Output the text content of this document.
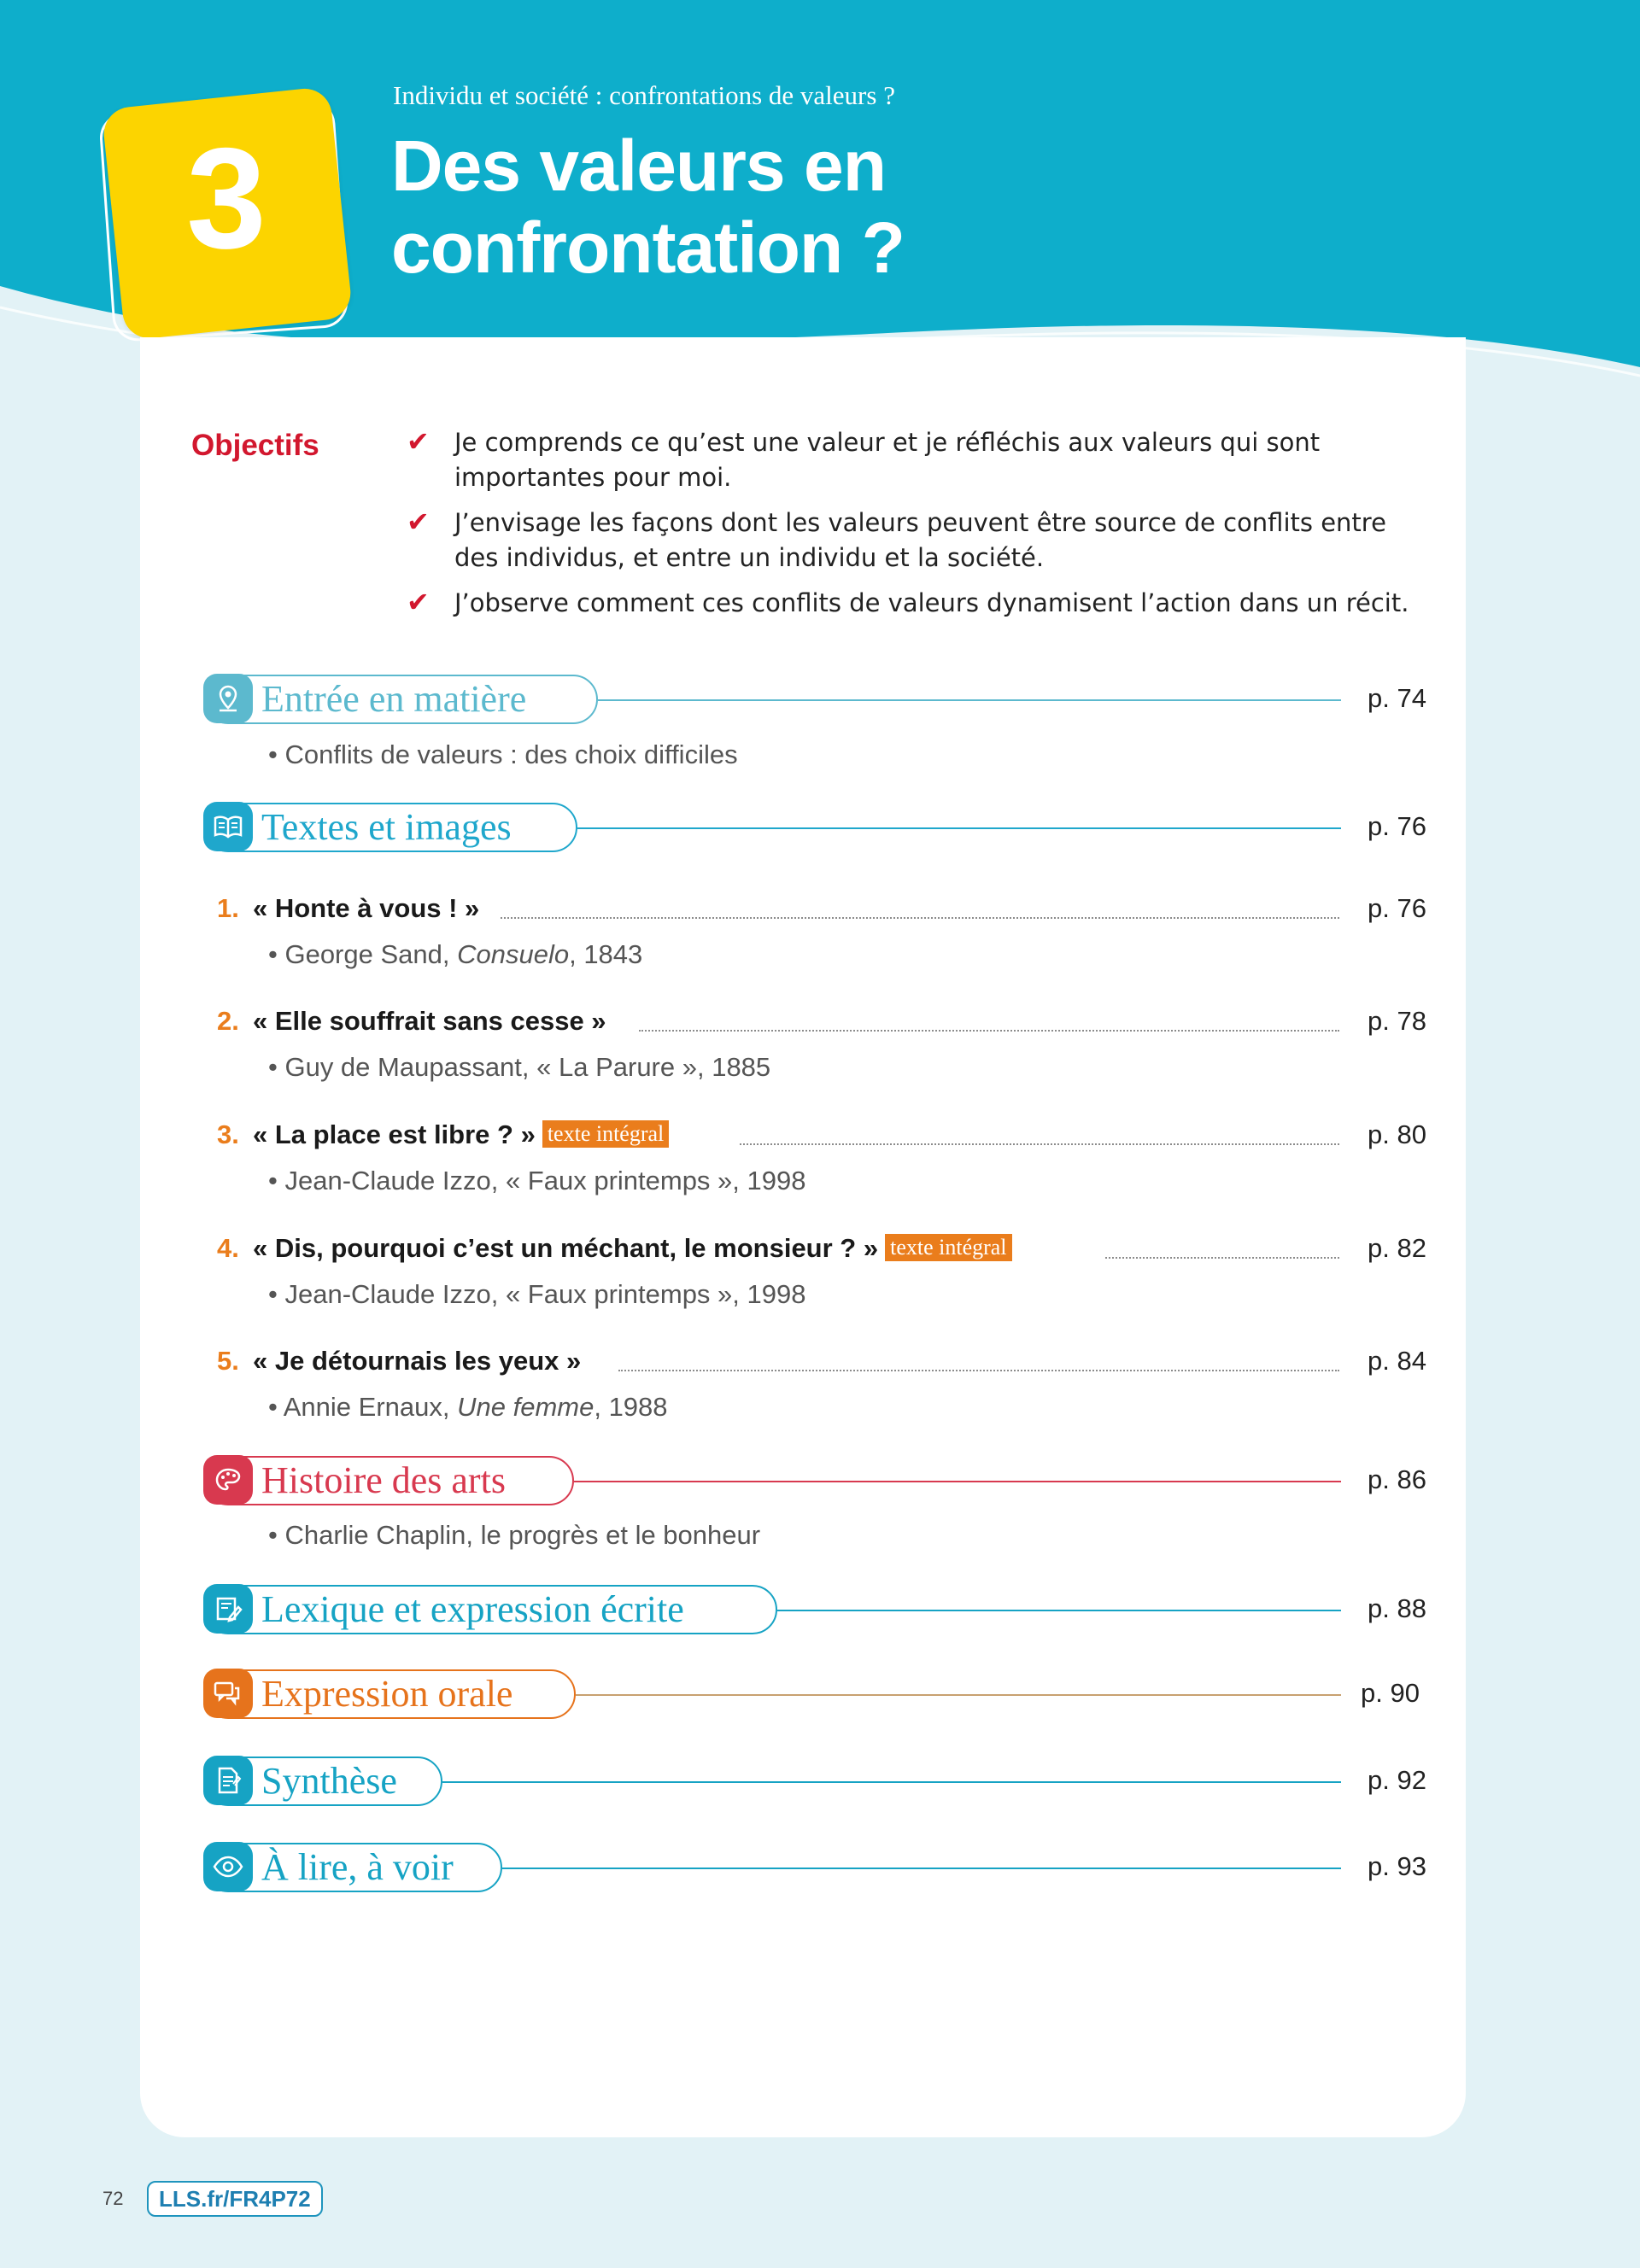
3
Individu et société : confrontations de valeurs ?
Des valeurs en
confrontation ?
Objectifs	✔ Je comprends ce qu’est une valeur et je réfléchis aux valeurs qui sont
importantes pour moi.
✔ J’envisage les façons dont les valeurs peuvent être source de conflits entre
des individus, et entre un individu et la société.
✔ J’observe comment ces conflits de valeurs dynamisent l’action dans un récit.
Entrée en matière	p. 74
• Conflits de valeurs : des choix difficiles
Textes et images	p. 76
1. « Honte à vous ! »	p. 76
• George Sand, Consuelo, 1843
2. « Elle souffrait sans cesse »	p. 78
• Guy de Maupassant, « La Parure », 1885
3. « La place est libre ? » texte intégral	p. 80
• Jean-Claude Izzo, « Faux printemps », 1998
4. « Dis, pourquoi c’est un méchant, le monsieur ? » texte intégral	p. 82
• Jean-Claude Izzo, « Faux printemps », 1998
5. « Je détournais les yeux »	p. 84
• Annie Ernaux, Une femme, 1988
Histoire des arts	p. 86
• Charlie Chaplin, le progrès et le bonheur
Lexique et expression écrite	p. 88
Expression orale	p. 90
Synthèse	p. 92
À lire, à voir	p. 93
72	LLS.fr/FR4P72
